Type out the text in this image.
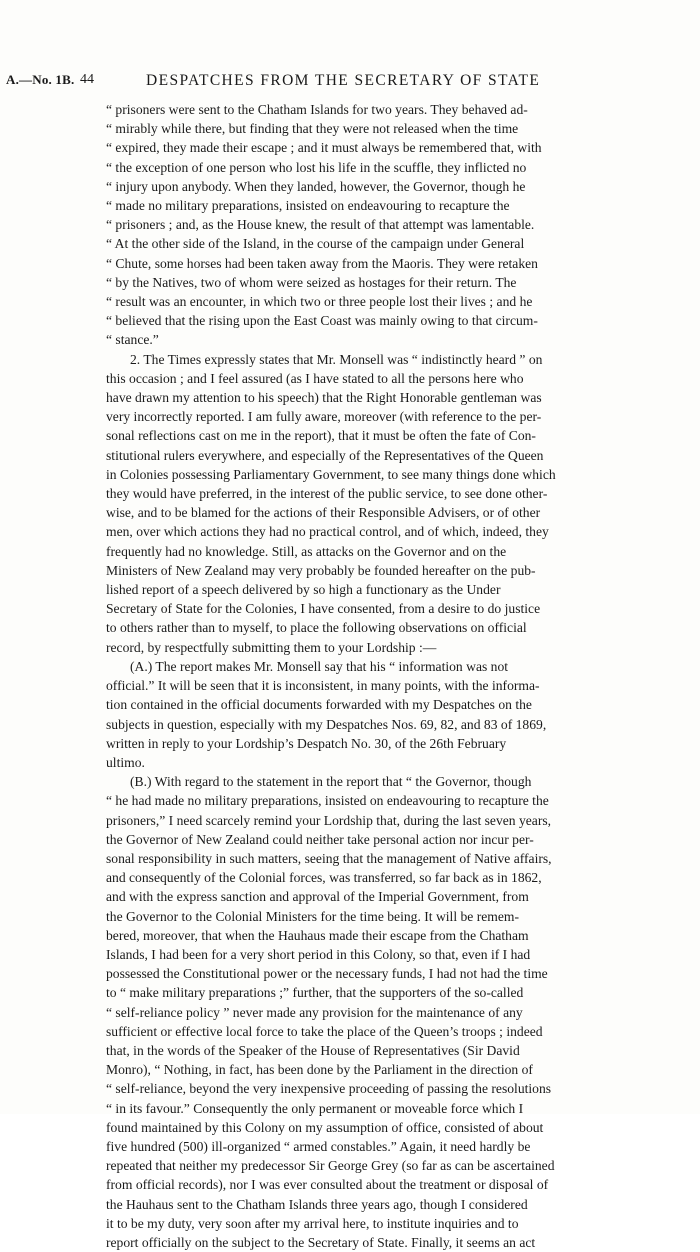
A.—No. 1B. 44	DESPATCHES FROM THE SECRETARY OF STATE
“ prisoners were sent to the Chatham Islands for two years. They behaved ad-
“ mirably while there, but finding that they were not released when the time
“ expired, they made their escape ; and it must always be remembered that, with
“ the exception of one person who lost his life in the scuffle, they inflicted no
“ injury upon anybody. When they landed, however, the Governor, though he
“ made no military preparations, insisted on endeavouring to recapture the
“ prisoners ; and, as the House knew, the result of that attempt was lamentable.
“ At the other side of the Island, in the course of the campaign under General
“ Chute, some horses had been taken away from the Maoris. They were retaken
“ by the Natives, two of whom were seized as hostages for their return. The
“ result was an encounter, in which two or three people lost their lives ; and he
“ believed that the rising upon the East Coast was mainly owing to that circum-
“ stance.”
2. The Times expressly states that Mr. Monsell was “ indistinctly heard ” on
this occasion ; and I feel assured (as I have stated to all the persons here who
have drawn my attention to his speech) that the Right Honorable gentleman was
very incorrectly reported. I am fully aware, moreover (with reference to the per-
sonal reflections cast on me in the report), that it must be often the fate of Con-
stitutional rulers everywhere, and especially of the Representatives of the Queen
in Colonies possessing Parliamentary Government, to see many things done which
they would have preferred, in the interest of the public service, to see done other-
wise, and to be blamed for the actions of their Responsible Advisers, or of other
men, over which actions they had no practical control, and of which, indeed, they
frequently had no knowledge. Still, as attacks on the Governor and on the
Ministers of New Zealand may very probably be founded hereafter on the pub-
lished report of a speech delivered by so high a functionary as the Under
Secretary of State for the Colonies, I have consented, from a desire to do justice
to others rather than to myself, to place the following observations on official
record, by respectfully submitting them to your Lordship :—
(A.) The report makes Mr. Monsell say that his “ information was not
official.” It will be seen that it is inconsistent, in many points, with the informa-
tion contained in the official documents forwarded with my Despatches on the
subjects in question, especially with my Despatches Nos. 69, 82, and 83 of 1869,
written in reply to your Lordship’s Despatch No. 30, of the 26th February
ultimo.
(B.) With regard to the statement in the report that “ the Governor, though
“ he had made no military preparations, insisted on endeavouring to recapture the
prisoners,” I need scarcely remind your Lordship that, during the last seven years,
the Governor of New Zealand could neither take personal action nor incur per-
sonal responsibility in such matters, seeing that the management of Native affairs,
and consequently of the Colonial forces, was transferred, so far back as in 1862,
and with the express sanction and approval of the Imperial Government, from
the Governor to the Colonial Ministers for the time being. It will be remem-
bered, moreover, that when the Hauhaus made their escape from the Chatham
Islands, I had been for a very short period in this Colony, so that, even if I had
possessed the Constitutional power or the necessary funds, I had not had the time
to “ make military preparations ;” further, that the supporters of the so-called
“ self-reliance policy ” never made any provision for the maintenance of any
sufficient or effective local force to take the place of the Queen’s troops ; indeed
that, in the words of the Speaker of the House of Representatives (Sir David
Monro), “ Nothing, in fact, has been done by the Parliament in the direction of
“ self-reliance, beyond the very inexpensive proceeding of passing the resolutions
“ in its favour.” Consequently the only permanent or moveable force which I
found maintained by this Colony on my assumption of office, consisted of about
five hundred (500) ill-organized “ armed constables.” Again, it need hardly be
repeated that neither my predecessor Sir George Grey (so far as can be ascertained
from official records), nor I was ever consulted about the treatment or disposal of
the Hauhaus sent to the Chatham Islands three years ago, though I considered
it to be my duty, very soon after my arrival here, to institute inquiries and to
report officially on the subject to the Secretary of State. Finally, it seems an act
